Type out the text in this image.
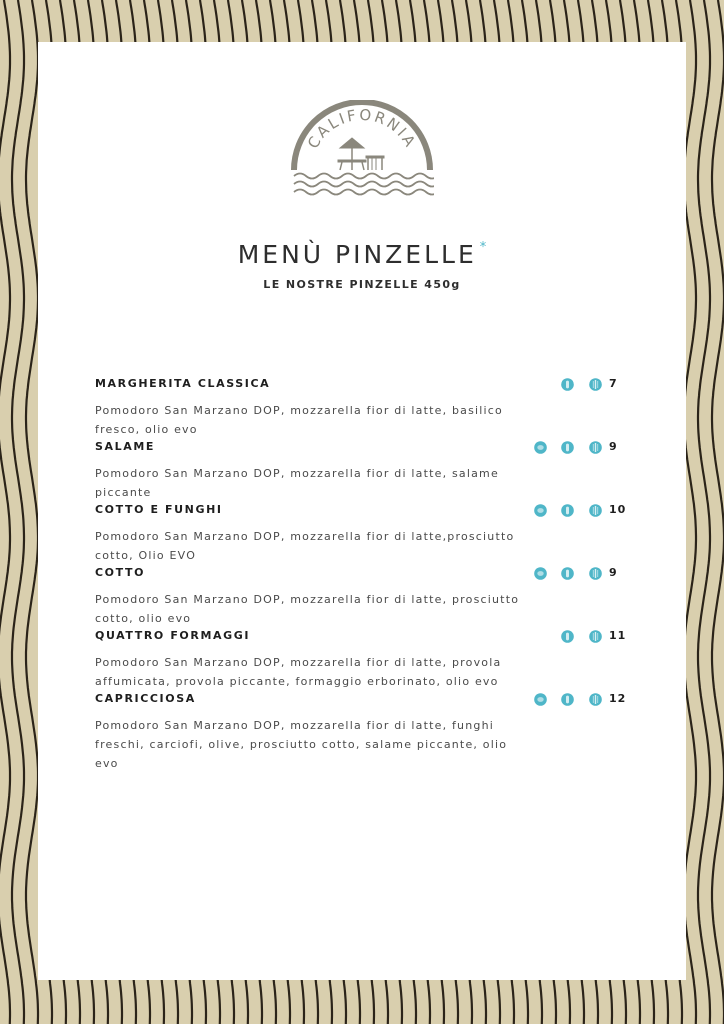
CALIFORNIA
MENÙ PINZELLE *
LE NOSTRE PINZELLE 450g
MARGHERITA CLASSICA	7
Pomodoro San Marzano DOP, mozzarella fior di latte, basilico fresco, olio evo
SALAME	9
Pomodoro San Marzano DOP, mozzarella fior di latte, salame piccante
COTTO E FUNGHI	10
Pomodoro San Marzano DOP, mozzarella fior di latte,prosciutto cotto, Olio EVO
COTTO	9
Pomodoro San Marzano DOP, mozzarella fior di latte, prosciutto cotto, olio evo
QUATTRO FORMAGGI	11
Pomodoro San Marzano DOP, mozzarella fior di latte, provola affumicata, provola piccante, formaggio erborinato, olio evo
CAPRICCIOSA	12
Pomodoro San Marzano DOP, mozzarella fior di latte, funghi freschi, carciofi, olive, prosciutto cotto, salame piccante, olio evo
